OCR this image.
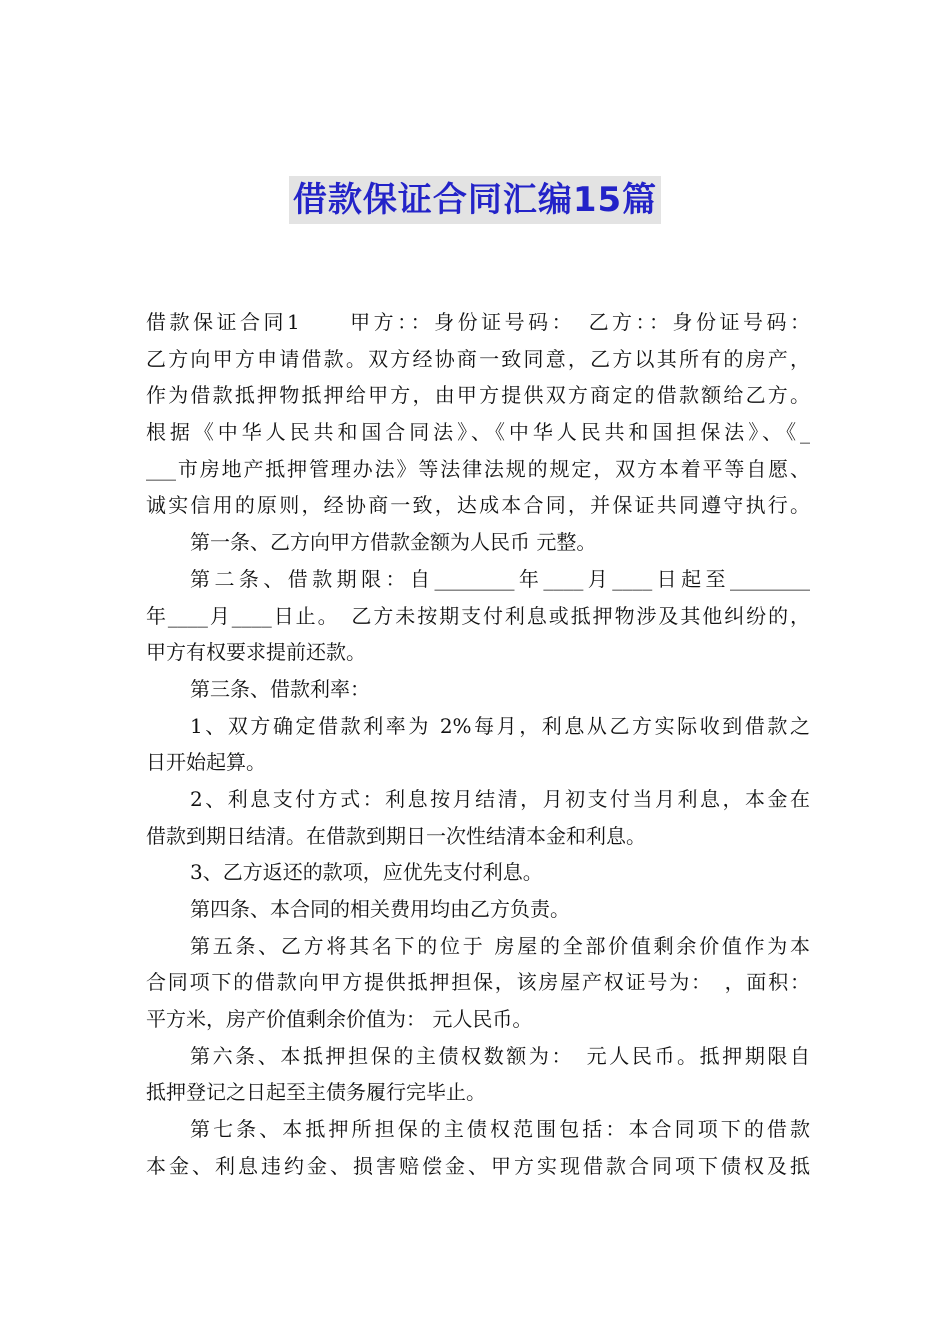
借款保证合同汇编15篇
借款保证合同1　　甲方：：身份证号码：　乙方：：身份证号码：
乙方向甲方申请借款。双方经协商一致同意，乙方以其所有的房产，
作为借款抵押物抵押给甲方，由甲方提供双方商定的借款额给乙方。
根据《中华人民共和国合同法》、《中华人民共和国担保法》、《_
___市房地产抵押管理办法》等法律法规的规定，双方本着平等自愿、
诚实信用的原则，经协商一致，达成本合同，并保证共同遵守执行。
第一条、乙方向甲方借款金额为人民币 元整。
第二条、借款期限：自________年____月____日起至________
年____月____日止。　乙方未按期支付利息或抵押物涉及其他纠纷的，
甲方有权要求提前还款。
第三条、借款利率：
1、双方确定借款利率为 2%每月，利息从乙方实际收到借款之
日开始起算。
2、利息支付方式：利息按月结清，月初支付当月利息，本金在
借款到期日结清。在借款到期日一次性结清本金和利息。
3、乙方返还的款项，应优先支付利息。
第四条、本合同的相关费用均由乙方负责。
第五条、乙方将其名下的位于 房屋的全部价值剩余价值作为本
合同项下的借款向甲方提供抵押担保，该房屋产权证号为：　，面积：
平方米，房产价值剩余价值为： 元人民币。
第六条、本抵押担保的主债权数额为：　元人民币。抵押期限自
抵押登记之日起至主债务履行完毕止。
第七条、本抵押所担保的主债权范围包括：本合同项下的借款
本金、利息违约金、损害赔偿金、甲方实现借款合同项下债权及抵
